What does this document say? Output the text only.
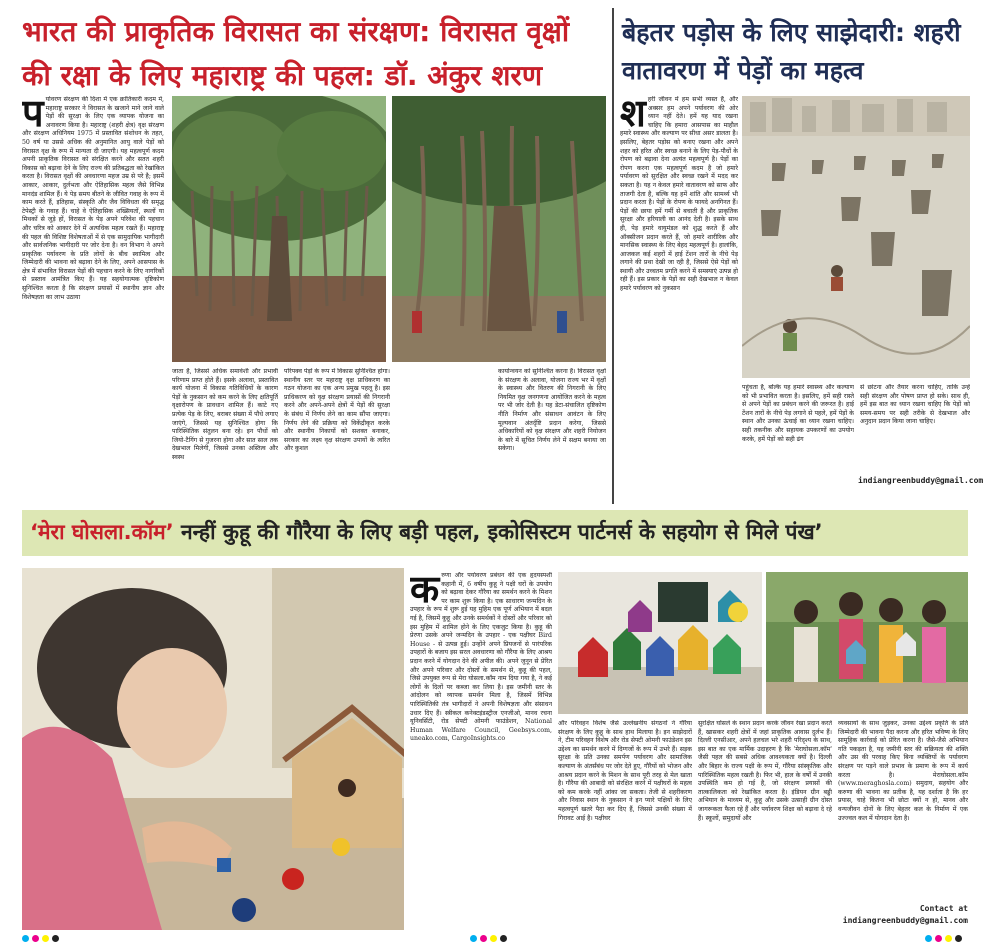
भारत की प्राकृतिक विरासत का संरक्षण: विरासत वृक्षों की रक्षा के लिए महाराष्ट्र की पहल: डॉ. अंकुर शरण
प र्यावरण संरक्षण की दिशा में एक क्रांतिकारी कदम में, महाराष्ट्र सरकार ने विरासत के खजाने माने जाने वाले पेड़ों की सुरक्षा के लिए एक व्यापक योजना का अनावरण किया है। महाराष्ट्र (शहरी क्षेत्र) वृक्ष संरक्षण और संरक्षण अधिनियम 1975 में प्रस्तावित संशोधन के तहत, 50 वर्ष या उससे अधिक की अनुमानित आयु वाले पेड़ों को विरासत वृक्ष के रूप में मान्यता दी जाएगी। यह महत्वपूर्ण कदम अपनी प्राकृतिक विरासत को संरक्षित करने और सतत शहरी विकास को बढ़ावा देने के लिए राज्य की प्रतिबद्धता को रेखांकित करता है। विरासत वृक्षों की अवधारणा महज उम्र से परे है; इसमें आकार, आकार, दुर्लभता और ऐतिहासिक महत्व जैसे विभिन्न मानदंड शामिल हैं। ये पेड़ समय बीतने के जीवित गवाह के रूप में काम करते हैं, इतिहास, संस्कृति और जैव विविधता की समृद्ध टेपेस्ट्री के गवाह हैं। चाहे वे ऐतिहासिक शख्सियतों, स्थलों या मिथकों से जुड़े हों, विरासत के पेड़ अपने परिवेश की पहचान और चरित्र को आकार देने में अत्यधिक महत्व रखते हैं। महाराष्ट्र की पहल की विशिष्ट विशेषताओं में से एक सामुदायिक भागीदारी और सार्वजनिक भागीदारी पर जोर देना है। वन विभाग ने अपने प्राकृतिक पर्यावरण के प्रति लोगों के बीच स्वामित्व और जिम्मेदारी की भावना को बढ़ावा देने के लिए, अपने आसपास के क्षेत्र में संभावित विरासत पेड़ों की पहचान करने के लिए नागरिकों से प्रस्ताव आमंत्रित किए हैं। यह सहयोगात्मक दृष्टिकोण सुनिश्चित करता है कि संरक्षण प्रयासों में स्थानीय ज्ञान और विशेषज्ञता का लाभ उठाया
जाता है, जिससे अधिक समावेशी और प्रभावी परिणाम प्राप्त होते हैं। इसके अलावा, प्रस्तावित कार्य योजना में विकास गतिविधियों के कारण पेड़ों के नुकसान को कम करने के लिए क्षतिपूर्ति वृक्षारोपण के प्रावधान शामिल हैं। काटे गए प्रत्येक पेड़ के लिए, बराबर संख्या में पौधे लगाए जाएंगे, जिससे यह सुनिश्चित होगा कि पारिस्थितिक संतुलन बना रहे। इन पौधों को जियो-टैगिंग से गुजरना होगा और सात साल तक देखभाल मिलेगी, जिससे उनका अस्तित्व और स्वस्थ
परिपक्व पेड़ों के रूप में विकास सुनिश्चित होगा। स्थानीय स्तर पर महाराष्ट्र वृक्ष प्राधिकरण का गठन योजना का एक अन्य प्रमुख पहलू है। इस प्राधिकरण को वृक्ष संरक्षण प्रयासों की निगरानी करने और अपने-अपने क्षेत्रों में पेड़ों की सुरक्षा के संबंध में निर्णय लेने का काम सौंपा जाएगा। निर्णय लेने की प्रक्रिया को विकेंद्रीकृत करके और स्थानीय निकायों को सशक्त बनाकर, सरकार का लक्ष्य वृक्ष संरक्षण उपायों के त्वरित और कुशल
कार्यान्वयन को सुनिश्चित करना है। विरासत वृक्षों के संरक्षण के अलावा, योजना राज्य भर में वृक्षों के स्वास्थ्य और वितरण की निगरानी के लिए नियमित वृक्ष जनगणना आयोजित करने के महत्व पर भी जोर देती है। यह डेटा-संचालित दृष्टिकोण नीति निर्माण और संसाधन आवंटन के लिए मूल्यवान अंतर्दृष्टि प्रदान करेगा, जिससे अधिकारियों को वृक्ष संरक्षण और शहरी नियोजन के बारे में सूचित निर्णय लेने में सक्षम बनाया जा सकेगा।
बेहतर पड़ोस के लिए साझेदारी: शहरी वातावरण में पेड़ों का महत्व
श हरी जीवन में हम सभी व्यस्त हैं, और अक्सर हम अपने पर्यावरण की ओर ध्यान नहीं देते। हमें यह याद रखना चाहिए कि हमारा आसपास का माहौल हमारे स्वास्थ्य और कल्याण पर सीधा असर डालता है। इसलिए, बेहतर पड़ोस को बनाए रखना और अपने शहर को हरित और स्वच्छ बनाने के लिए पेड़-पौधों के रोपण को बढ़ावा देना अत्यंत महत्वपूर्ण है। पेड़ों का रोपण करना एक महत्वपूर्ण कदम है जो हमारे पर्यावरण को सुरक्षित और स्वच्छ रखने में मदद कर सकता है। यह न केवल हमारे वातावरण को साफ और ताजगी देता है, बल्कि यह हमें शांति और सामर्थ्य भी प्रदान करता है। पेड़ों के रोपण के फायदे अनगिनत हैं। पेड़ों की छाया हमें गर्मी से बचाती है और प्राकृतिक सुरक्षा और हरियाली का आनंद देती है। इसके साथ ही, पेड़ हमारे वायुमंडल को शुद्ध करते हैं और ऑक्सीजन प्रदान करते हैं, जो हमारे शारीरिक और मानसिक स्वास्थ्य के लिए बेहद महत्वपूर्ण है। हालांकि, आजकल कई शहरों में हाई टेंशन तारों के नीचे पेड़ लगाने की प्रथा देखी जा रही है, जिससे ऐसे पेड़ों को स्थायी और उच्चतम प्रगति करने में समस्याएं उत्पन्न हो रही हैं। इस प्रकार के पेड़ों का सही देखभाल न केवल हमारे पर्यावरण को नुकसान
पहुंचता है, बल्कि यह हमारे स्वास्थ्य और कल्याण को भी प्रभावित करता है। इसलिए, हमें सही रास्ते से अपने पेड़ों का प्रबंधन करने की जरूरत है। हाई टेंशन तारों के नीचे पेड़ लगाने से पहले, हमें पेड़ों के स्थान और उनका ऊंचाई का ध्यान रखना चाहिए। सही तकनीक और सहायक उपकरणों का उपयोग करके, हमें पेड़ों को सही ढंग
से छांटना और तैयार करना चाहिए, ताकि उन्हें सही संरक्षण और पोषण प्राप्त हो सके। साथ ही, हमें इस बात का ध्यान रखना चाहिए कि पेड़ों को समय-समय पर सही तरीके से देखभाल और अनुदान प्रदान किया जाना चाहिए।
indiangreenbuddy@gmail.com
‘मेरा घोसला.कॉम’ नन्हीं कुहू की गौरैया के लिए बड़ी पहल, इकोसिस्टम पार्टनर्स के सहयोग से मिले पंख’
क रुणा और पर्यावरण प्रबंधन की एक हृदयस्पर्शी कहानी में, 6 वर्षीय कुहू ने पक्षी घरों के उपयोग को बढ़ावा देकर गौरैया का समर्थन करने के मिशन पर काम शुरू किया है। एक साधारण जन्मदिन के उपहार के रूप में शुरू हुई यह मुहिम एक पूर्ण अभियान में बदल गई है, जिसमें कुहू और उनके समर्थकों ने दोस्तों और परिवार को इस मुहिम में शामिल होने के लिए एकजुट किया है। कुहू की प्रेरणा उसके अपने जन्मदिन के उपहार - एक पक्षीघर Bird House - से उत्पन्न हुई। उन्होंने अपने प्रियजनों से पारंपरिक उपहारों के बजाय इस सरल अवधारणा को गौरैया के लिए आश्रय प्रदान करने में योगदान देने की अपील की। अपने जुनून से प्रेरित और अपने परिवार और दोस्तों के समर्थन से, कुहू की पहल, जिसे उपयुक्त रूप से मेरा घोसला.कॉम नाम दिया गया है, ने कई लोगों के दिलों पर कब्जा कर लिया है। इस जमीनी स्तर के आंदोलन को व्यापक समर्थन मिला है, जिसमें विभिन्न पारिस्थितिकी तंत्र भागीदारों ने अपनी विशेषज्ञता और संसाधन उधार दिए हैं। स्त्रीकल कनेक्टइंडस्ट्रीज एनजीओ, मानव रचना यूनिवर्सिटी, रोड सेफ्टी ओमनी फाउंडेशन, National Human Welfare Council, Geebsys.com, uneako.com, CargoInsights.co
और परिवहन विशेष जैसे उल्लेखनीय संगठनों ने गौरैया संरक्षण के लिए कुहू के साथ हाथ मिलाया है। इन साझेदारों ने, टीम परिवहन विशेष और रोड सेफ्टी ओमनी फाउंडेशन इस उद्देश्य का समर्थन करने में दिग्गजों के रूप में उभरे हैं। सड़क सुरक्षा के प्रति उनका समर्पण पर्यावरण और सामाजिक कल्याण के अंतर्संबंध पर जोर देते हुए, गौरैयों को भोजन और आश्रय प्रदान करने के मिशन के साथ पूरी तरह से मेल खाता है। गौरैया की आबादी को संरक्षित करने में पक्षीघरों के महत्व को कम करके नहीं आंका जा सकता। तेजी से शहरीकरण और निवास स्थान के नुकसान ने इन प्यारे पक्षियों के लिए महत्वपूर्ण खतरे पैदा कर दिए हैं, जिससे उनकी संख्या में गिरावट आई है। पक्षीघर
सुरक्षित घोंसले के स्थान प्रदान करके जीवन रेखा प्रदान करते हैं, खासकर शहरी क्षेत्रों में जहां प्राकृतिक आवास दुर्लभ हैं। दिल्ली एनसीआर, अपने हलचल भरे शहरी परिदृश्य के साथ, इस बात का एक मार्मिक उदाहरण है कि 'मेराघोसला.कॉम' जैसी पहल की सबसे अधिक आवश्यकता क्यों है। दिल्ली और बिहार के राज्य पक्षी के रूप में, गौरैया सांस्कृतिक और पारिस्थितिक महत्व रखती है। फिर भी, हाल के वर्षों में उनकी उपस्थिति कम हो गई है, जो संरक्षण प्रयासों की तात्कालिकता को रेखांकित करता है। इंडियन ग्रीन बड्डी अभियान के माध्यम से, कुहू और उसके उत्साही ग्रीन दोस्त जागरूकता फैला रहे हैं और पर्यावरण शिक्षा को बढ़ावा दे रहे हैं। स्कूलों, समुदायों और
व्यवसायों के साथ जुड़कर, उनका उद्देश्य प्रकृति के प्रति जिम्मेदारी की भावना पैदा करना और हरित भविष्य के लिए सामूहिक कार्रवाई को प्रेरित करना है। जैसे-जैसे अभियान गति पकड़ता है, यह जमीनी स्तर की सक्रियता की शक्ति और उस की परवाह किए बिना व्यक्तियों के पर्यावरण संरक्षण पर पड़ने वाले प्रभाव के प्रमाण के रूप में कार्य करता है। मेराघोसला.कॉम (www.meraghosla.com) समुदाय, सहयोग और करुणा की भावना का प्रतीक है, यह दर्शाता है कि हर प्रयास, चाहे कितना भी छोटा क्यों न हो, मानव और वन्यजीवन दोनों के लिए बेहतर कल के निर्माण में एक उज्ज्वल कल में योगदान देता है।
Contact at
indiangreenbuddy@gmail.com
